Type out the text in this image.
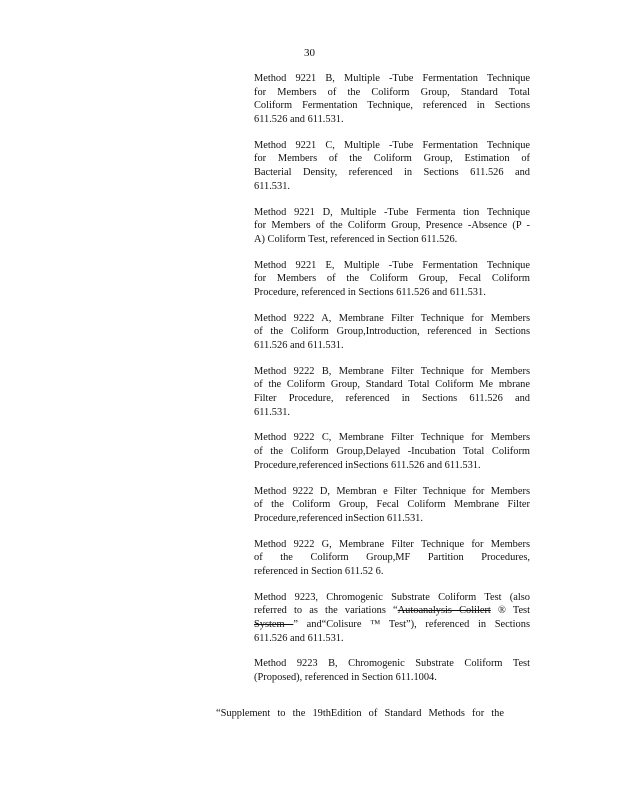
30
Method 9221 B, Multiple -Tube Fermentation Technique
for Members of the Coliform Group, Standard Total
Coliform Fermentation Technique, referenced in Sections
611.526 and 611.531.
Method 9221 C, Multiple -Tube Fermentation Technique
for Members of the Coliform Group, Estimation of
Bacterial Density, referenced in Sections 611.526 and
611.531.
Method 9221 D, Multiple -Tube Fermenta tion Technique
for Members of the Coliform Group, Presence -Absence (P -
A) Coliform Test, referenced in Section 611.526.
Method 9221 E, Multiple -Tube Fermentation Technique
for Members of the Coliform Group, Fecal Coliform
Procedure, referenced in Sections 611.526 and 611.531.
Method 9222 A, Membrane Filter Technique for Members
of the Coliform Group,Introduction, referenced in Sections
611.526 and 611.531.
Method 9222 B, Membrane Filter Technique for Members
of the Coliform Group, Standard Total Coliform Me mbrane
Filter Procedure, referenced in Sections 611.526 and
611.531.
Method 9222 C, Membrane Filter Technique for Members
of the Coliform Group,Delayed -Incubation Total Coliform
Procedure,referenced inSections 611.526 and 611.531.
Method 9222 D, Membran e Filter Technique for Members
of the Coliform Group, Fecal Coliform Membrane Filter
Procedure,referenced inSection 611.531.
Method 9222 G, Membrane Filter Technique for Members
of the Coliform Group,MF Partition Procedures,
referenced in Section 611.52 6.
Method 9223, Chromogenic Substrate Coliform Test (also
referred to as the variations “Autoanalysis Colilert ® Test
System ” and“Colisure ™ Test”), referenced in Sections
611.526 and 611.531.
Method 9223 B, Chromogenic Substrate Coliform Test
(Proposed), referenced in Section 611.1004.
“Supplement to the 19thEdition of Standard Methods for the
